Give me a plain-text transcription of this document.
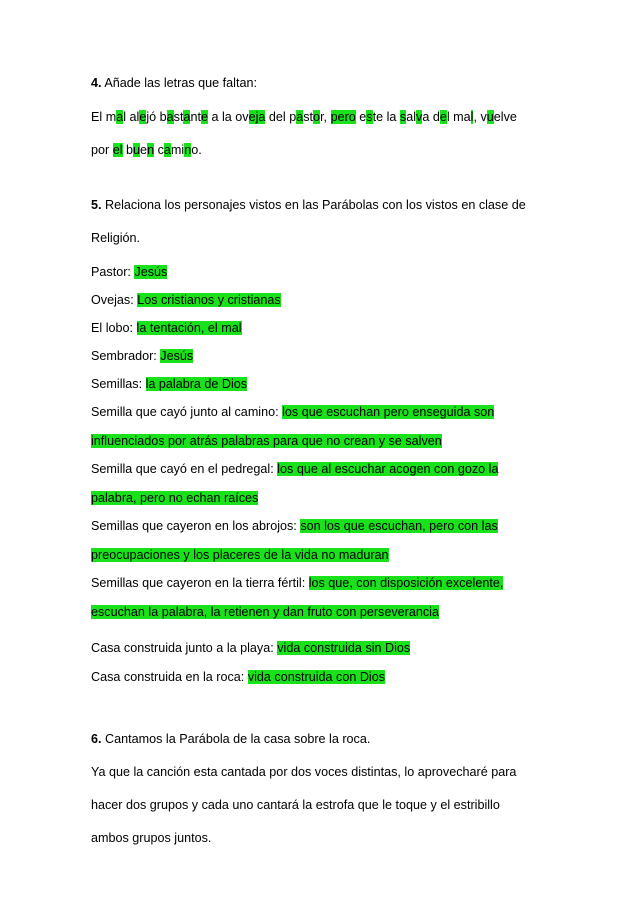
4. Añade las letras que faltan:
El mal alejó bastante a la oveja del pastor, pero este la salva del mal, vuelve
por el buen camino.
5. Relaciona los personajes vistos en las Parábolas con los vistos en clase de
Religión.
Pastor: Jesús
Ovejas: Los cristianos y cristianas
El lobo: la tentación, el mal
Sembrador: Jesús
Semillas: la palabra de Dios
Semilla que cayó junto al camino: los que escuchan pero enseguida son
influenciados por atrás palabras para que no crean y se salven
Semilla que cayó en el pedregal: los que al escuchar acogen con gozo la
palabra, pero no echan raíces
Semillas que cayeron en los abrojos: son los que escuchan, pero con las
preocupaciones y los placeres de la vida no maduran
Semillas que cayeron en la tierra fértil: los que, con disposición excelente,
escuchan la palabra, la retienen y dan fruto con perseverancia
Casa construida junto a la playa: vida construida sin Dios
Casa construida en la roca: vida construida con Dios
6. Cantamos la Parábola de la casa sobre la roca.
Ya que la canción esta cantada por dos voces distintas, lo aprovecharé para
hacer dos grupos y cada uno cantará la estrofa que le toque y el estribillo
ambos grupos juntos.
